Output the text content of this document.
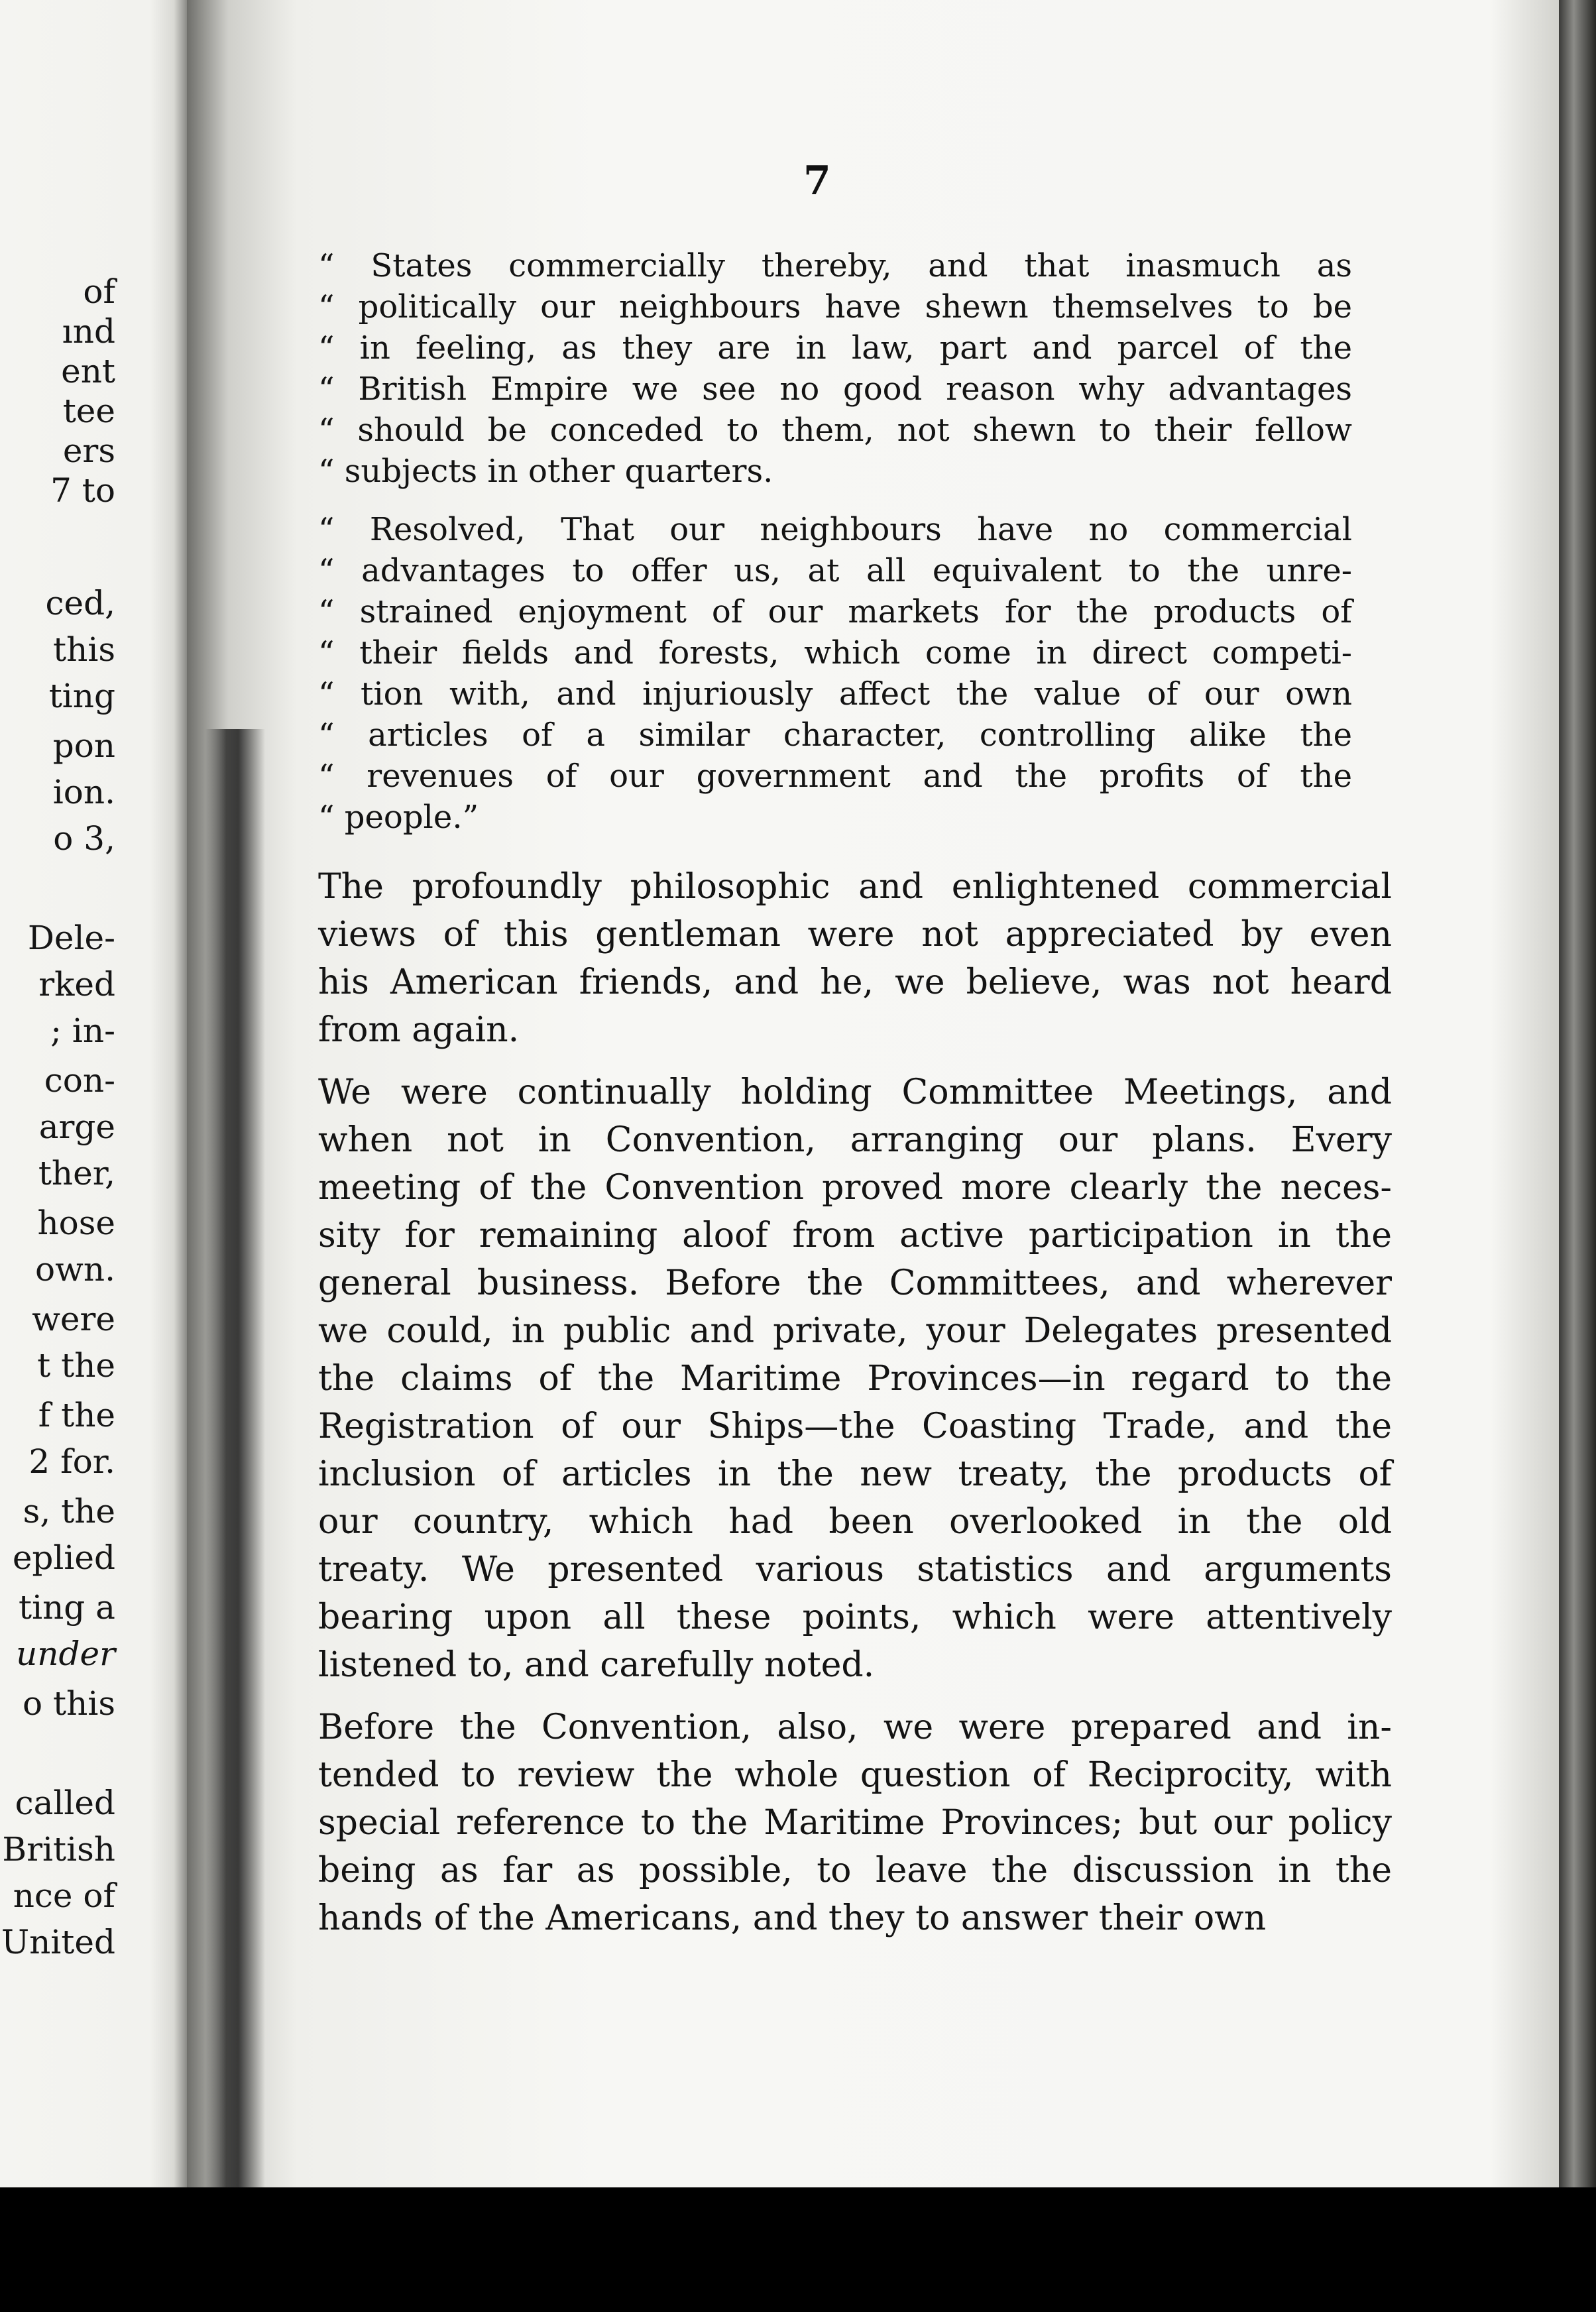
of
ınd
ent
tee
ers
7 to
ced,
this
ting
pon
ion.
o 3,
Dele-
rked
; in-
con-
arge
ther,
hose
own.
were
t the
f the
2 for.
s, the
eplied
ting a
under
o this
called
British
nce of
United
7
“ States commercially thereby, and that inasmuch as
“ politically our neighbours have shewn themselves to be
“ in feeling, as they are in law, part and parcel of the
“ British Empire we see no good reason why advantages
“ should be conceded to them, not shewn to their fellow
“ subjects in other quarters.
“ Resolved, That our neighbours have no commercial
“ advantages to offer us, at all equivalent to the unre-
“ strained enjoyment of our markets for the products of
“ their fields and forests, which come in direct competi-
“ tion with, and injuriously affect the value of our own
“ articles of a similar character, controlling alike the
“ revenues of our government and the profits of the
“ people.”
The profoundly philosophic and enlightened commercial
views of this gentleman were not appreciated by even
his American friends, and he, we believe, was not heard
from again.
We were continually holding Committee Meetings, and
when not in Convention, arranging our plans. Every
meeting of the Convention proved more clearly the neces-
sity for remaining aloof from active participation in the
general business. Before the Committees, and wherever
we could, in public and private, your Delegates presented
the claims of the Maritime Provinces—in regard to the
Registration of our Ships—the Coasting Trade, and the
inclusion of articles in the new treaty, the products of
our country, which had been overlooked in the old
treaty. We presented various statistics and arguments
bearing upon all these points, which were attentively
listened to, and carefully noted.
Before the Convention, also, we were prepared and in-
tended to review the whole question of Reciprocity, with
special reference to the Maritime Provinces; but our policy
being as far as possible, to leave the discussion in the
hands of the Americans, and they to answer their own
